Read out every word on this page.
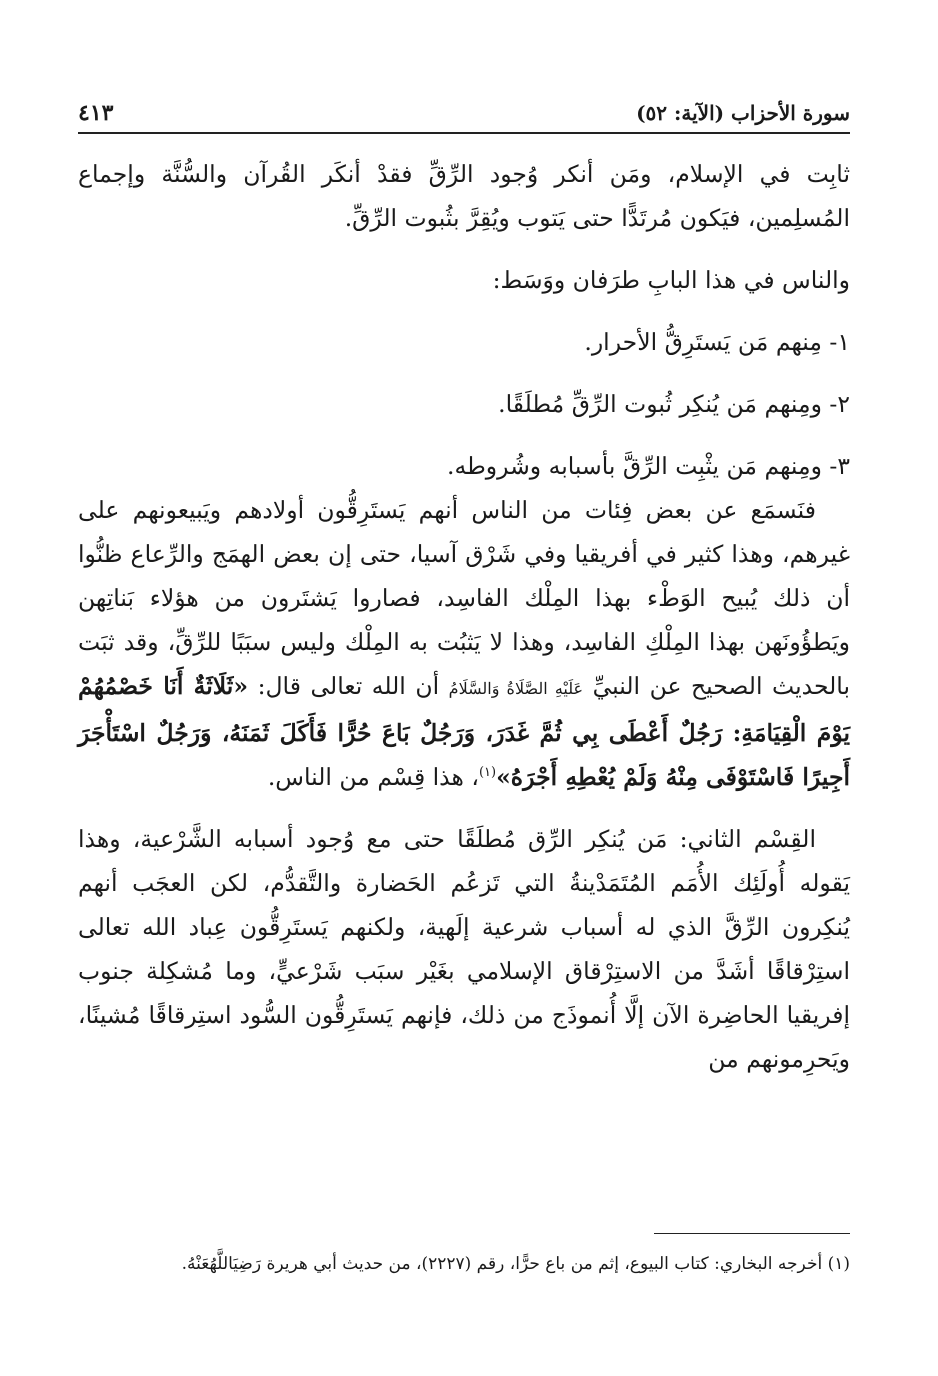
سورة الأحزاب (الآية: ٥٢)
٤١٣

ثابِت في الإسلام، ومَن أنكر وُجود الرِّقِّ فقدْ أنكَر القُرآن والسُّنَّة وإجماع المُسلِمين، فيَكون مُرتَدًّا حتى يَتوب ويُقِرَّ بثُبوت الرِّقِّ.

والناس في هذا البابِ طرَفان ووَسَط:

١- مِنهم مَن يَستَرِقُّ الأحرار.

٢- ومِنهم مَن يُنكِر ثُبوت الرِّقِّ مُطلَقًا.

٣- ومِنهم مَن يثْبِت الرِّقَّ بأسبابه وشُروطه.

فنَسمَع عن بعض فِئات من الناس أنهم يَستَرِقُّون أولادهم ويَبيعونهم على غيرهم، وهذا كثير في أفريقيا وفي شَرْق آسيا، حتى إن بعض الهمَج والرِّعاع ظنُّوا أن ذلك يُبيح الوَطْء بهذا المِلْك الفاسِد، فصاروا يَشتَرون من هؤلاء بَناتِهن ويَطؤُونَهن بهذا المِلْكِ الفاسِد، وهذا لا يَثبُت به المِلْك وليس سبَبًا للرِّقِّ، وقد ثبَت بالحديث الصحيح عن النبيِّ عَلَيْهِ الصَّلَاةُ وَالسَّلَامُ أن الله تعالى قال: «ثَلَاثَةٌ أَنَا خَصْمُهُمْ يَوْمَ الْقِيَامَةِ: رَجُلٌ أَعْطَى بِي ثُمَّ غَدَرَ، وَرَجُلٌ بَاعَ حُرًّا فَأَكَلَ ثَمَنَهُ، وَرَجُلٌ اسْتَأْجَرَ أَجِيرًا فَاسْتَوْفَى مِنْهُ وَلَمْ يُعْطِهِ أَجْرَهُ»$^{(١)}$، هذا قِسْم من الناس.

القِسْم الثاني: مَن يُنكِر الرِّق مُطلَقًا حتى مع وُجود أسبابه الشَّرْعية، وهذا يَقوله أُولَئِك الأُمَم المُتَمَدْينةُ التي تَزعُم الحَضارة والتَّقدُّم، لكن العجَب أنهم يُنكِرون الرِّقَّ الذي له أسباب شرعية إلَهية، ولكنهم يَستَرِقُّون عِباد الله تعالى استِرْقاقًا أشَدَّ من الاستِرْقاق الإسلامي بغَيْر سبَب شَرْعيٍّ، وما مُشكِلة جنوب إفريقيا الحاضِرة الآن إلَّا أُنموذَج من ذلك، فإنهم يَستَرِقُّون السُّود استِرقاقًا مُشينًا، ويَحرِمونهم من

(١) أخرجه البخاري: كتاب البيوع، إثم من باع حرًّا، رقم (٢٢٢٧)، من حديث أبي هريرة رَضِيَاللَّهُعَنْهُ.
